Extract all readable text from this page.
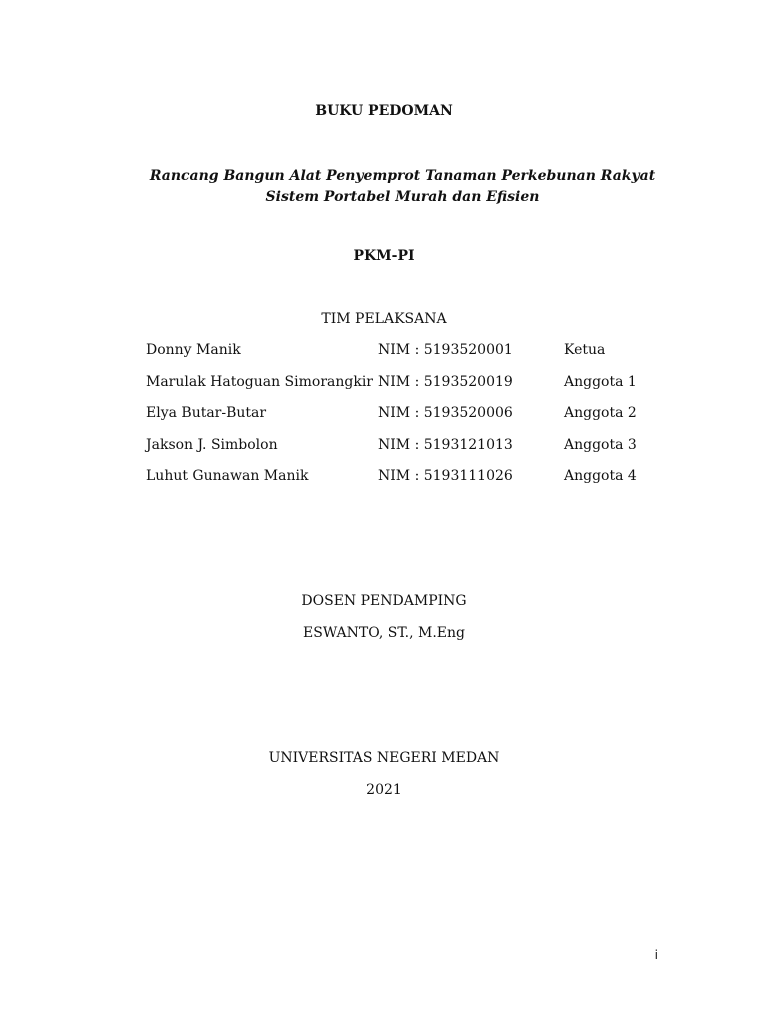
BUKU PEDOMAN
Rancang Bangun Alat Penyemprot Tanaman Perkebunan Rakyat Sistem Portabel Murah dan Efisien
PKM-PI
TIM PELAKSANA
Donny Manik	NIM : 5193520001	Ketua
Marulak Hatoguan Simorangkir NIM : 5193520019	Anggota 1
Elya Butar-Butar	NIM : 5193520006	Anggota 2
Jakson J. Simbolon	NIM : 5193121013	Anggota 3
Luhut Gunawan Manik	NIM : 5193111026	Anggota 4
DOSEN PENDAMPING
ESWANTO, ST., M.Eng
UNIVERSITAS NEGERI MEDAN
2021
i
